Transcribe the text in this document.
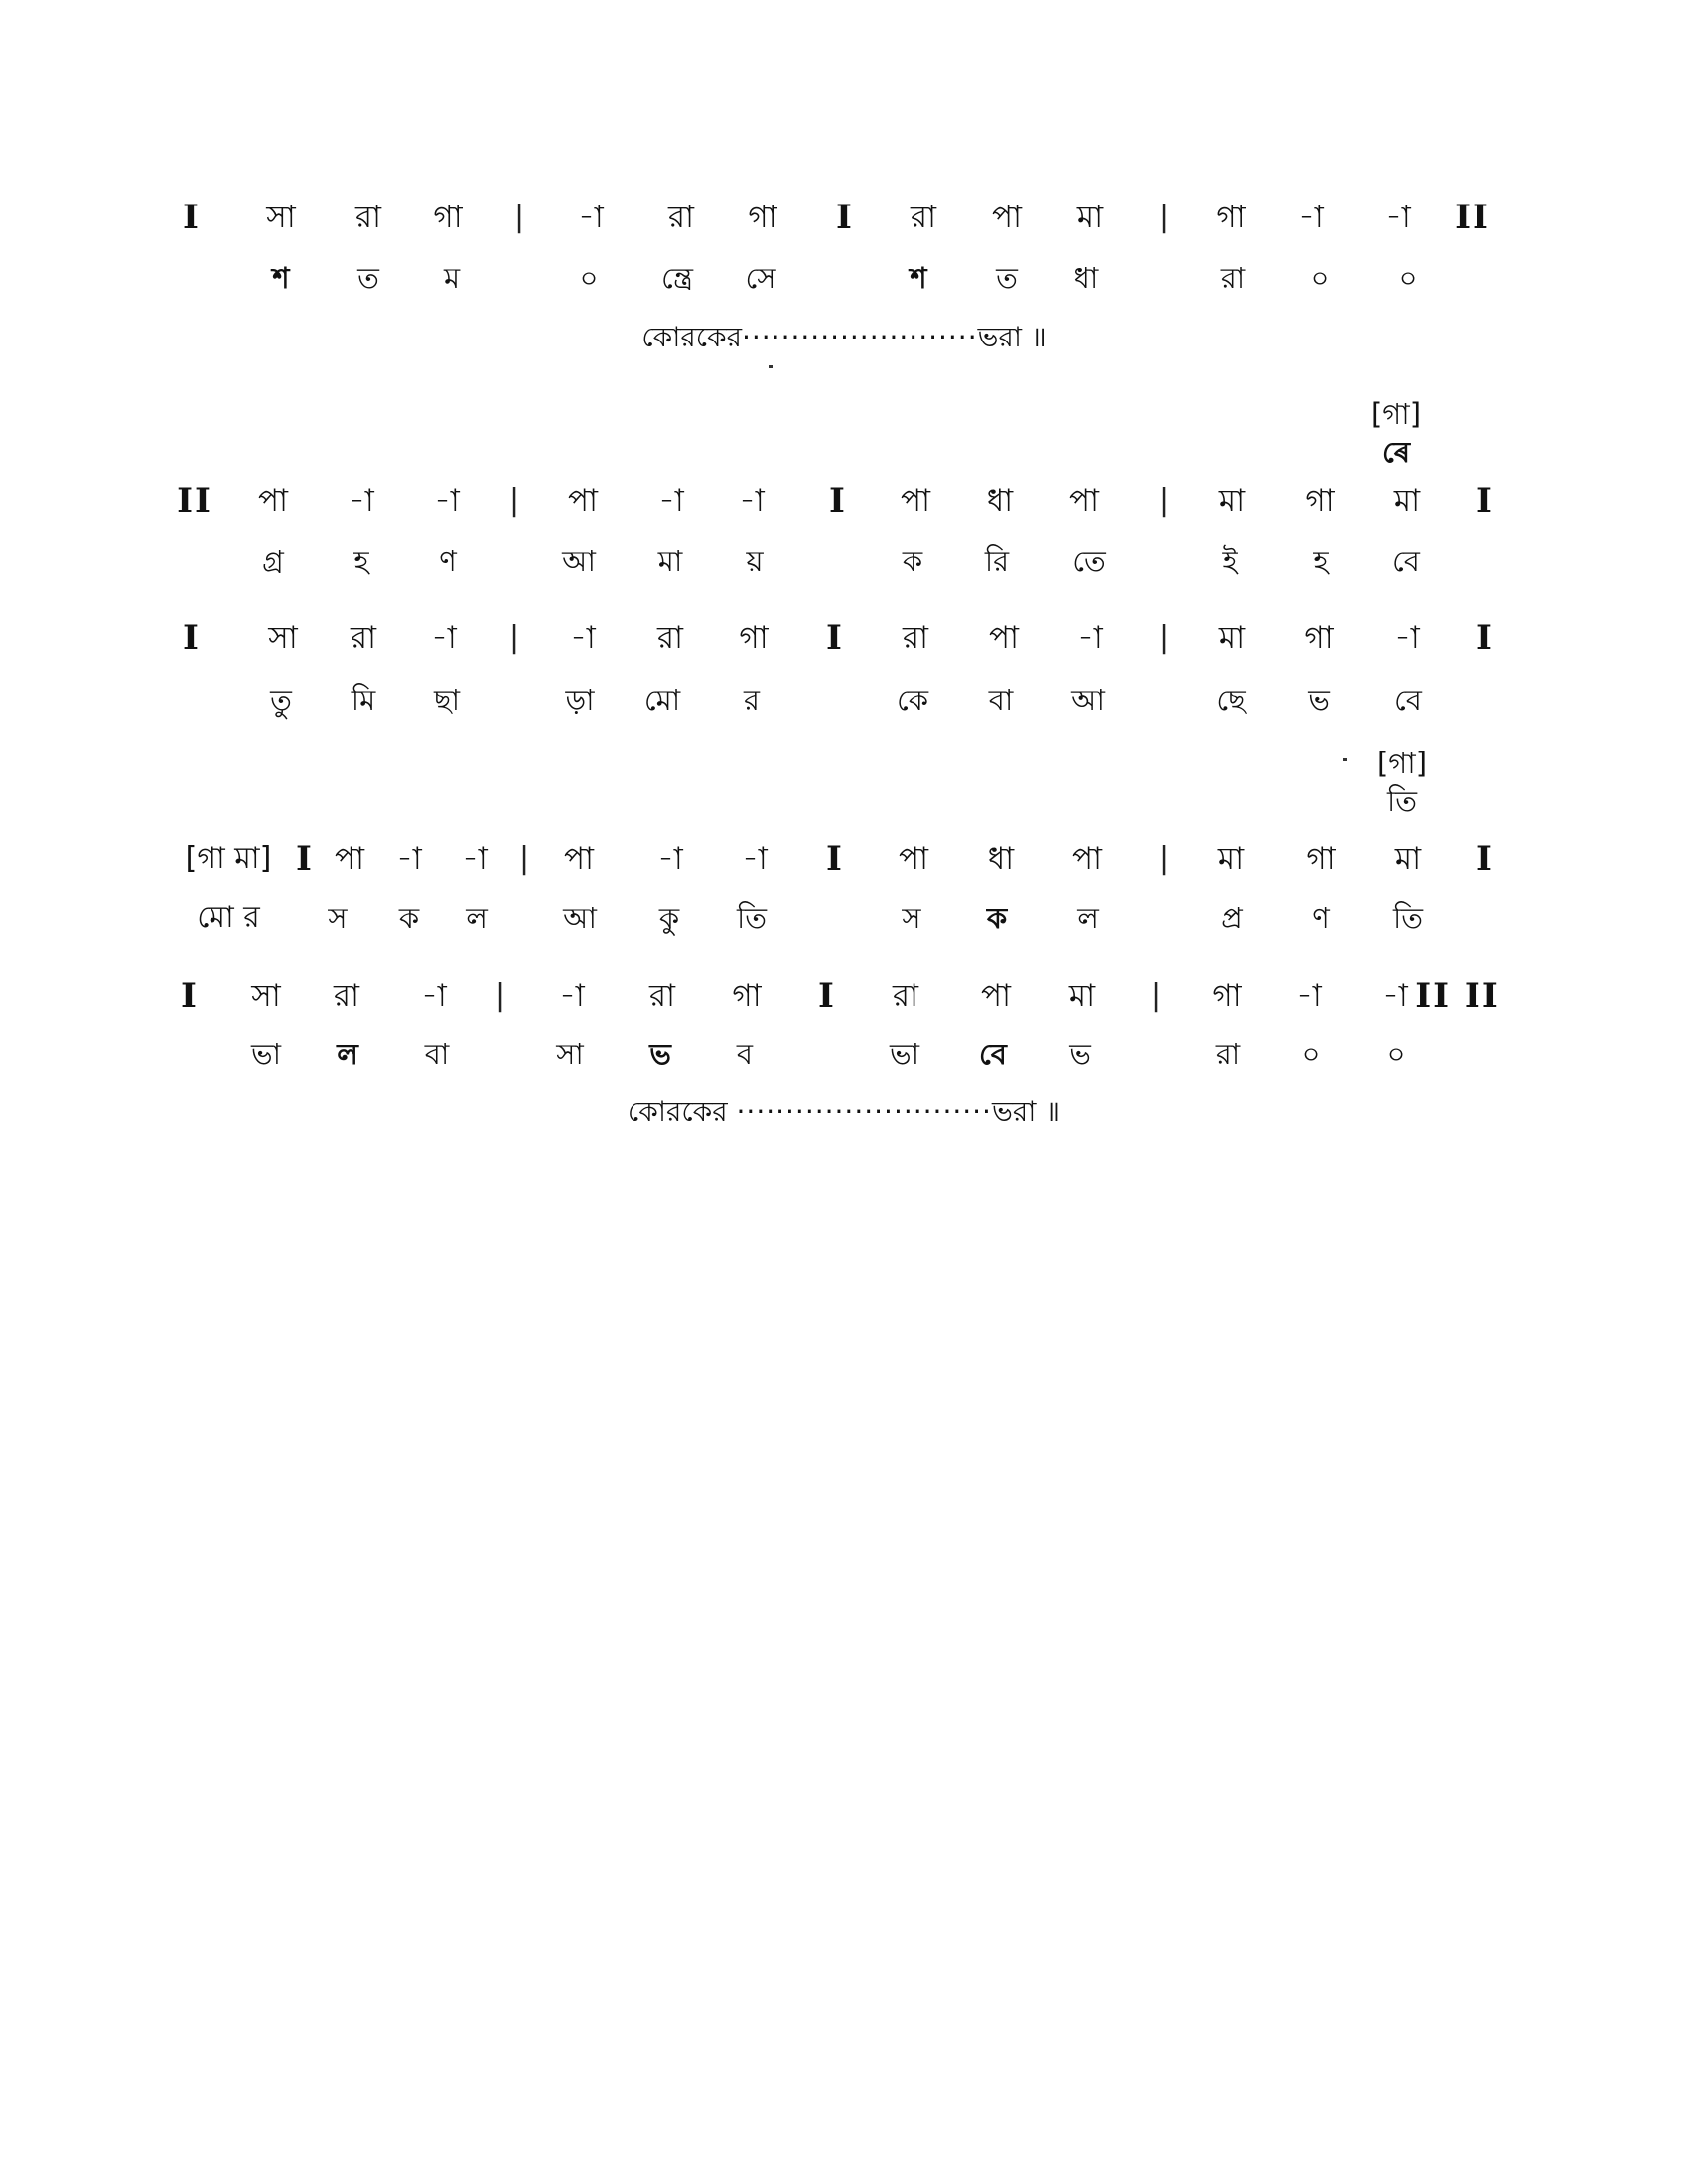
I	সা	রা	গা	|	-া	রা	গা	I	রা	পা	মা	|	গা	-া	-া	II
শ	ত	ম	০	ন্ত্রে	সে	শ	ত	ধা	রা	০	০
কোরকের························ভরা ॥
[গা]
ৰে
II	পা	-া	-া	|	পা	-া	-া	I	পা	ধা	পা	|	মা	গা	মা	I
গ্র	হ	ণ	আ	মা	য়	ক	রি	তে	ই	হ	বে
I	সা	রা	-া	|	-া	রা	গা	I	রা	পা	-া	|	মা	গা	-া	I
তু	মি	ছা	ড়া	মো	র	কে	বা	আ	ছে	ভ	বে
[গা]
তি
[গা মা] I পা	-া	-া	|	পা	-া	-া	I	পা	ধা	পা	|	মা	গা	মা	I
মো র	স	ক	ল	আ	কু	তি	স	ক	ল	প্র	ণ	তি
I	সা	রা	-া	|	-া	রা	গা	I	রা	পা	মা	|	গা	-া	-া II II
ভা	ল	বা	সা	ভ	ব	ভা	বে	ভ	রা	০	০
কোরকের ··························ভরা ॥
